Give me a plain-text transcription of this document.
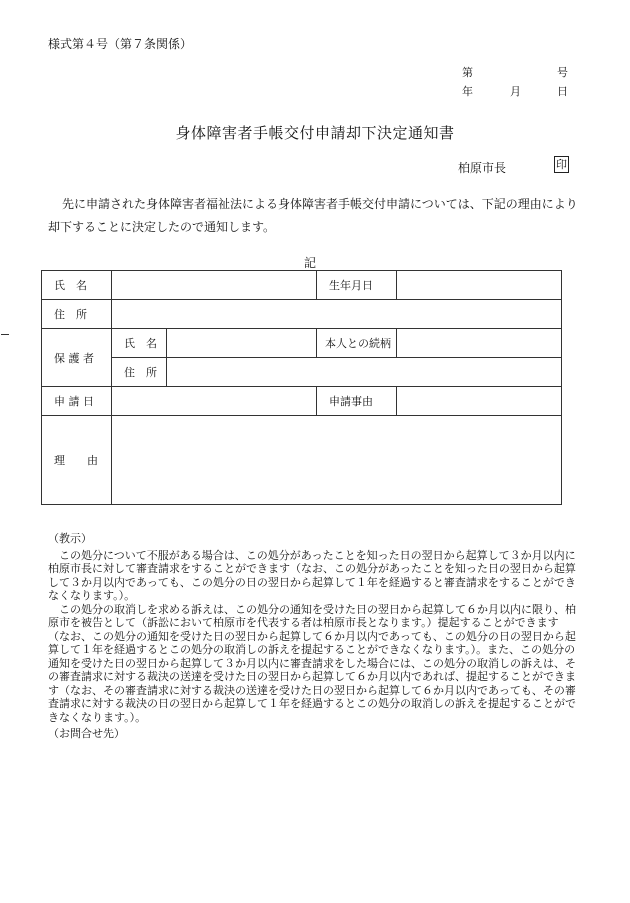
様式第４号（第７条関係）
第	号
年	月	日
身体障害者手帳交付申請却下決定通知書
柏原市長	印
先に申請された身体障害者福祉法による身体障害者手帳交付申請については、下記の理由により却下することに決定したので通知します。
記
氏　名			生年月日	
住　所				
保 護 者	氏　名		本人との続柄	
	住　所			
申 請 日			申請事由	
理　　由				

（教示）

この処分について不服がある場合は、この処分があったことを知った日の翌日から起算して３か月以内に柏原市長に対して審査請求をすることができます（なお、この処分があったことを知った日の翌日から起算して３か月以内であっても、この処分の日の翌日から起算して１年を経過すると審査請求をすることができなくなります。）。

この処分の取消しを求める訴えは、この処分の通知を受けた日の翌日から起算して６か月以内に限り、柏原市を被告として（訴訟において柏原市を代表する者は柏原市長となります。）提起することができます（なお、この処分の通知を受けた日の翌日から起算して６か月以内であっても、この処分の日の翌日から起算して１年を経過するとこの処分の取消しの訴えを提起することができなくなります。）。また、この処分の通知を受けた日の翌日から起算して３か月以内に審査請求をした場合には、この処分の取消しの訴えは、その審査請求に対する裁決の送達を受けた日の翌日から起算して６か月以内であれば、提起することができます（なお、その審査請求に対する裁決の送達を受けた日の翌日から起算して６か月以内であっても、その審査請求に対する裁決の日の翌日から起算して１年を経過するとこの処分の取消しの訴えを提起することができなくなります。）。

（お問合せ先）
